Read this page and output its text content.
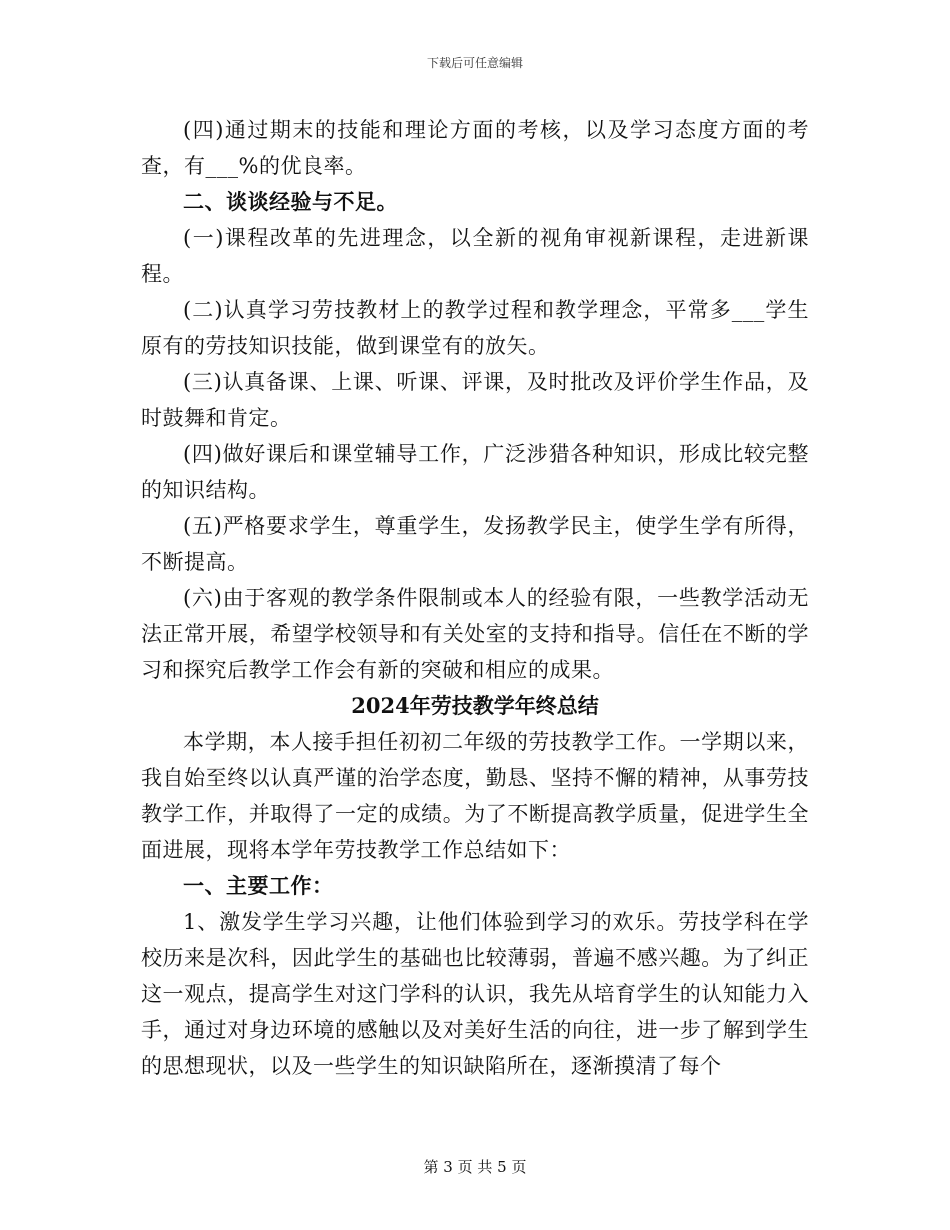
下载后可任意编辑

(四)通过期末的技能和理论方面的考核，以及学习态度方面的考查，有___%的优良率。

二、谈谈经验与不足。

(一)课程改革的先进理念，以全新的视角审视新课程，走进新课程。

(二)认真学习劳技教材上的教学过程和教学理念，平常多___学生原有的劳技知识技能，做到课堂有的放矢。

(三)认真备课、上课、听课、评课，及时批改及评价学生作品，及时鼓舞和肯定。

(四)做好课后和课堂辅导工作，广泛涉猎各种知识，形成比较完整的知识结构。

(五)严格要求学生，尊重学生，发扬教学民主，使学生学有所得，不断提高。

(六)由于客观的教学条件限制或本人的经验有限，一些教学活动无法正常开展，希望学校领导和有关处室的支持和指导。信任在不断的学习和探究后教学工作会有新的突破和相应的成果。

2024年劳技教学年终总结

本学期，本人接手担任初初二年级的劳技教学工作。一学期以来，我自始至终以认真严谨的治学态度，勤恳、坚持不懈的精神，从事劳技教学工作，并取得了一定的成绩。为了不断提高教学质量，促进学生全面进展，现将本学年劳技教学工作总结如下：

一、主要工作：

1、激发学生学习兴趣，让他们体验到学习的欢乐。劳技学科在学校历来是次科，因此学生的基础也比较薄弱，普遍不感兴趣。为了纠正这一观点，提高学生对这门学科的认识，我先从培育学生的认知能力入手，通过对身边环境的感触以及对美好生活的向往，进一步了解到学生的思想现状，以及一些学生的知识缺陷所在，逐渐摸清了每个

第 3 页 共 5 页
